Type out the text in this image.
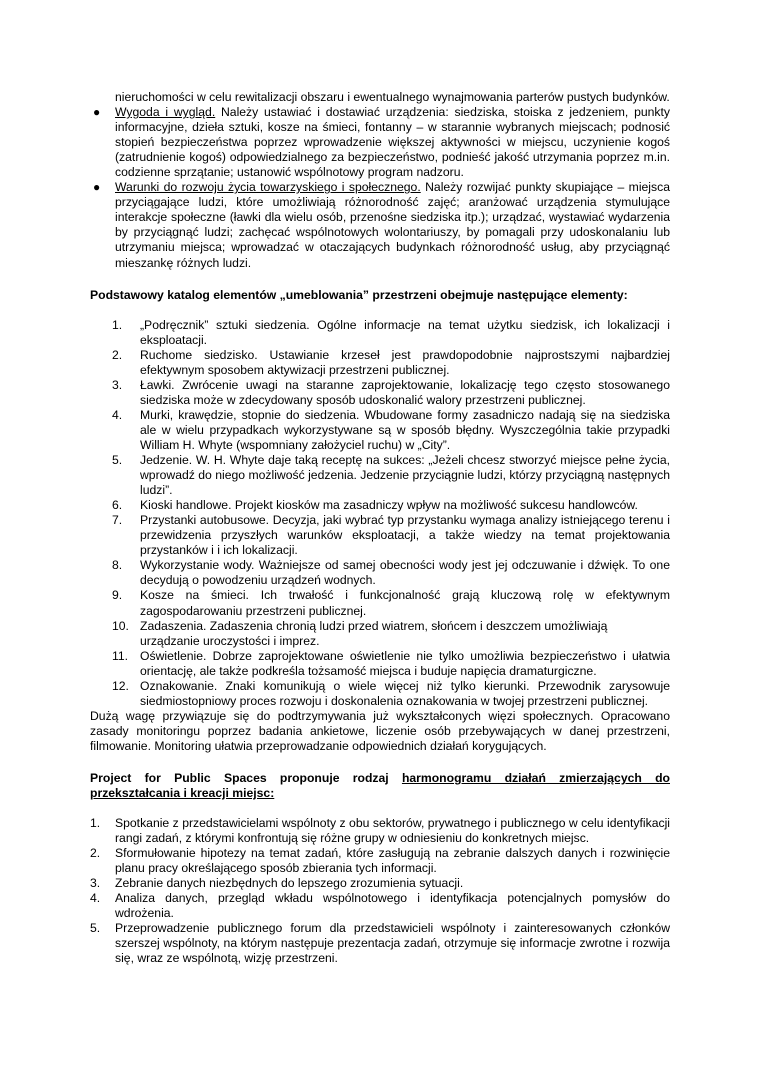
nieruchomości w celu rewitalizacji obszaru i ewentualnego wynajmowania parterów pustych budynków.
● Wygoda i wygląd. Należy ustawiać i dostawiać urządzenia: siedziska, stoiska z jedzeniem, punkty informacyjne, dzieła sztuki, kosze na śmieci, fontanny – w starannie wybranych miejscach; podnosić stopień bezpieczeństwa poprzez wprowadzenie większej aktywności w miejscu, uczynienie kogoś (zatrudnienie kogoś) odpowiedzialnego za bezpieczeństwo, podnieść jakość utrzymania poprzez m.in. codzienne sprzątanie; ustanowić wspólnotowy program nadzoru.
● Warunki do rozwoju życia towarzyskiego i społecznego. Należy rozwijać punkty skupiające – miejsca przyciągające ludzi, które umożliwiają różnorodność zajęć; aranżować urządzenia stymulujące interakcje społeczne (ławki dla wielu osób, przenośne siedziska itp.); urządzać, wystawiać wydarzenia by przyciągnąć ludzi; zachęcać wspólnotowych wolontariuszy, by pomagali przy udoskonalaniu lub utrzymaniu miejsca; wprowadzać w otaczających budynkach różnorodność usług, aby przyciągnąć mieszankę różnych ludzi.
Podstawowy katalog elementów „umeblowania” przestrzeni obejmuje następujące elementy:
1. „Podręcznik” sztuki siedzenia. Ogólne informacje na temat użytku siedzisk, ich lokalizacji i eksploatacji.
2. Ruchome siedzisko. Ustawianie krzeseł jest prawdopodobnie najprostszymi najbardziej efektywnym sposobem aktywizacji przestrzeni publicznej.
3. Ławki. Zwrócenie uwagi na staranne zaprojektowanie, lokalizację tego często stosowanego siedziska może w zdecydowany sposób udoskonalić walory przestrzeni publicznej.
4. Murki, krawędzie, stopnie do siedzenia. Wbudowane formy zasadniczo nadają się na siedziska ale w wielu przypadkach wykorzystywane są w sposób błędny. Wyszczególnia takie przypadki William H. Whyte (wspomniany założyciel ruchu) w „City”.
5. Jedzenie. W. H. Whyte daje taką receptę na sukces: „Jeżeli chcesz stworzyć miejsce pełne życia, wprowadź do niego możliwość jedzenia. Jedzenie przyciągnie ludzi, którzy przyciągną następnych ludzi”.
6. Kioski handlowe. Projekt kiosków ma zasadniczy wpływ na możliwość sukcesu handlowców.
7. Przystanki autobusowe. Decyzja, jaki wybrać typ przystanku wymaga analizy istniejącego terenu i przewidzenia przyszłych warunków eksploatacji, a także wiedzy na temat projektowania przystanków i i ich lokalizacji.
8. Wykorzystanie wody. Ważniejsze od samej obecności wody jest jej odczuwanie i dźwięk. To one decydują o powodzeniu urządzeń wodnych.
9. Kosze na śmieci. Ich trwałość i funkcjonalność grają kluczową rolę w efektywnym zagospodarowaniu przestrzeni publicznej.
10. Zadaszenia. Zadaszenia chronią ludzi przed wiatrem, słońcem i deszczem umożliwiają urządzanie uroczystości i imprez.
11. Oświetlenie. Dobrze zaprojektowane oświetlenie nie tylko umożliwia bezpieczeństwo i ułatwia orientację, ale także podkreśla tożsamość miejsca i buduje napięcia dramaturgiczne.
12. Oznakowanie. Znaki komunikują o wiele więcej niż tylko kierunki. Przewodnik zarysowuje siedmiostopniowy proces rozwoju i doskonalenia oznakowania w twojej przestrzeni publicznej.
Dużą wagę przywiązuje się do podtrzymywania już wykształconych więzi społecznych. Opracowano zasady monitoringu poprzez badania ankietowe, liczenie osób przebywających w danej przestrzeni, filmowanie. Monitoring ułatwia przeprowadzanie odpowiednich działań korygujących.
Project for Public Spaces proponuje rodzaj harmonogramu działań zmierzających do przekształcania i kreacji miejsc:
1. Spotkanie z przedstawicielami wspólnoty z obu sektorów, prywatnego i publicznego w celu identyfikacji rangi zadań, z którymi konfrontują się różne grupy w odniesieniu do konkretnych miejsc.
2. Sformułowanie hipotezy na temat zadań, które zasługują na zebranie dalszych danych i rozwinięcie planu pracy określającego sposób zbierania tych informacji.
3. Zebranie danych niezbędnych do lepszego zrozumienia sytuacji.
4. Analiza danych, przegląd wkładu wspólnotowego i identyfikacja potencjalnych pomysłów do wdrożenia.
5. Przeprowadzenie publicznego forum dla przedstawicieli wspólnoty i zainteresowanych członków szerszej wspólnoty, na którym następuje prezentacja zadań, otrzymuje się informacje zwrotne i rozwija się, wraz ze wspólnotą, wizję przestrzeni.
